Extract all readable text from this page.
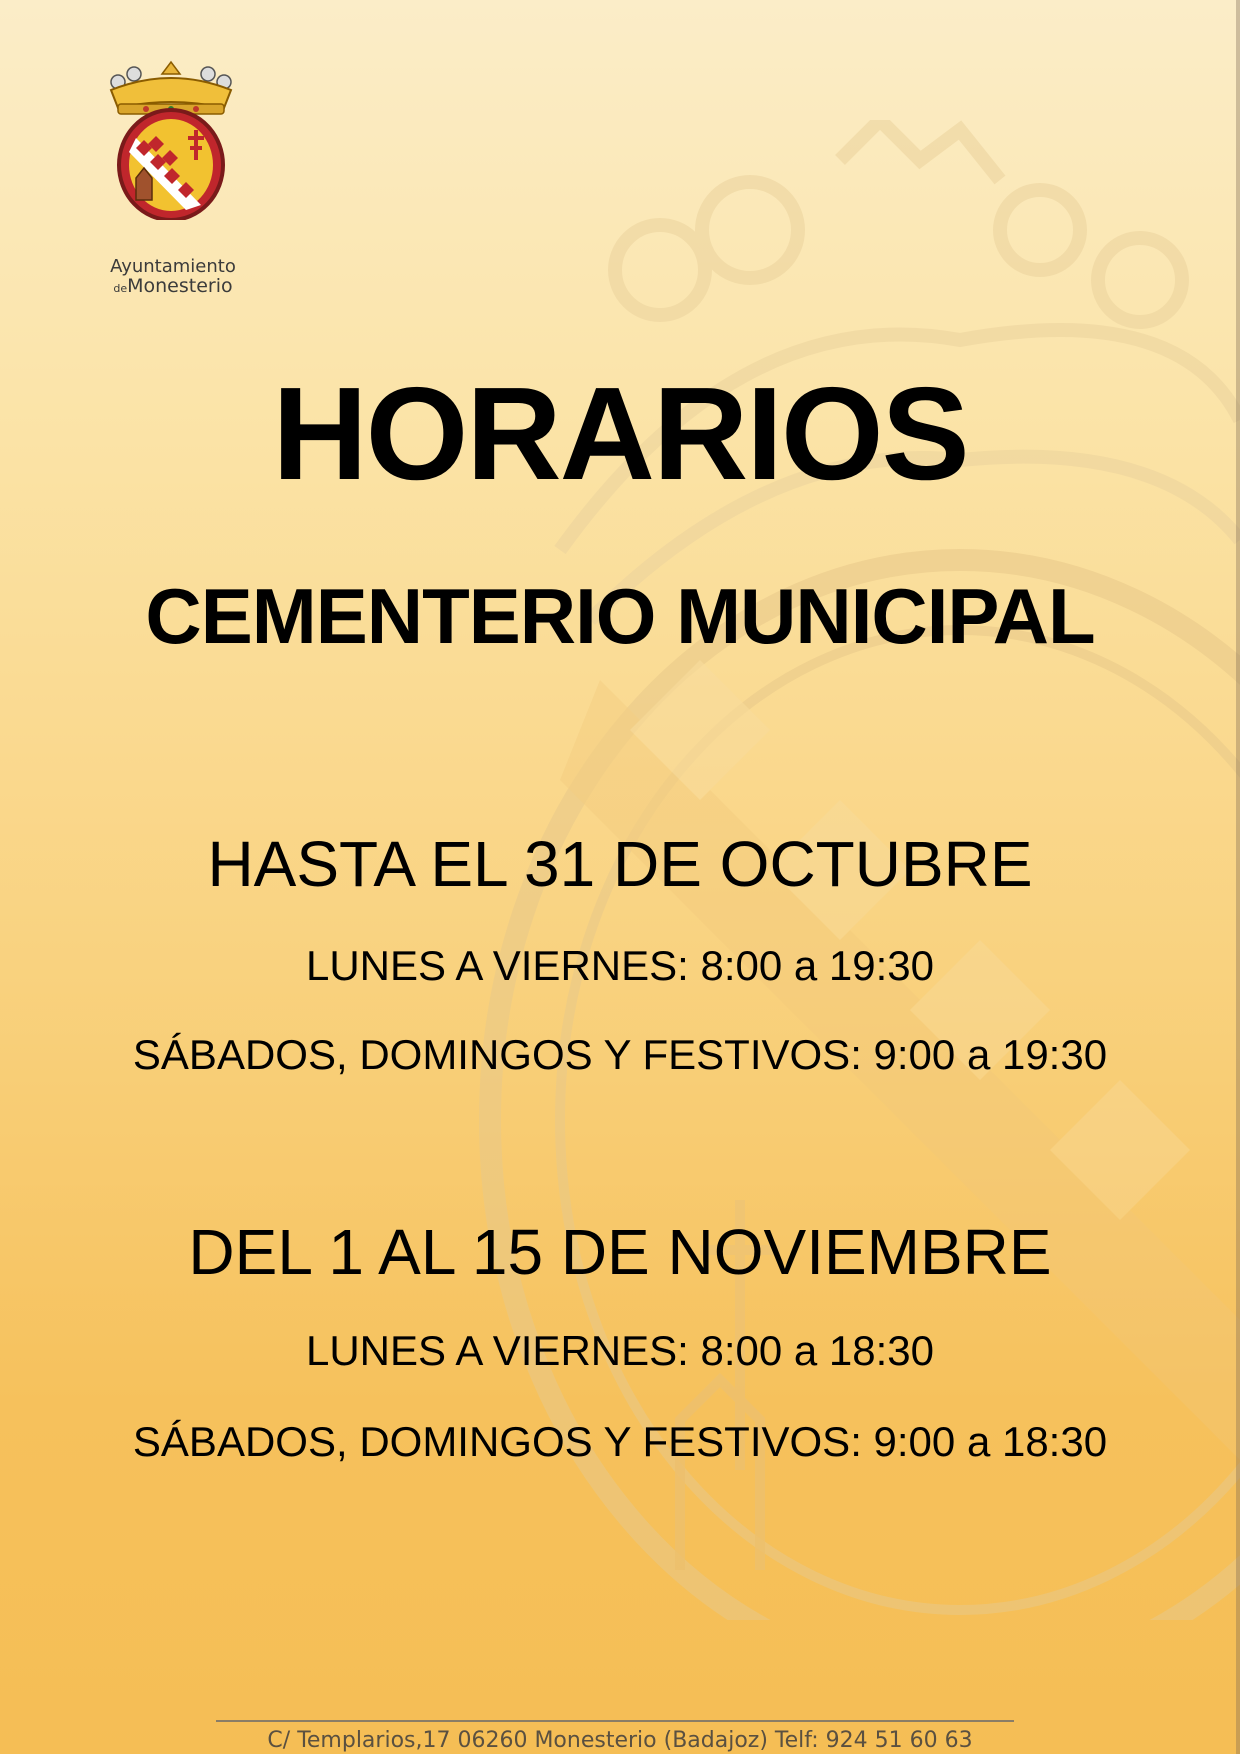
Ayuntamiento
deMonesterio
HORARIOS
CEMENTERIO MUNICIPAL
HASTA EL 31 DE OCTUBRE
LUNES A VIERNES: 8:00 a 19:30
SÁBADOS, DOMINGOS Y FESTIVOS: 9:00 a 19:30
DEL 1 AL 15 DE NOVIEMBRE
LUNES A VIERNES: 8:00 a 18:30
SÁBADOS, DOMINGOS Y FESTIVOS: 9:00 a 18:30
C/ Templarios,17 06260 Monesterio (Badajoz) Telf: 924 51 60 63
